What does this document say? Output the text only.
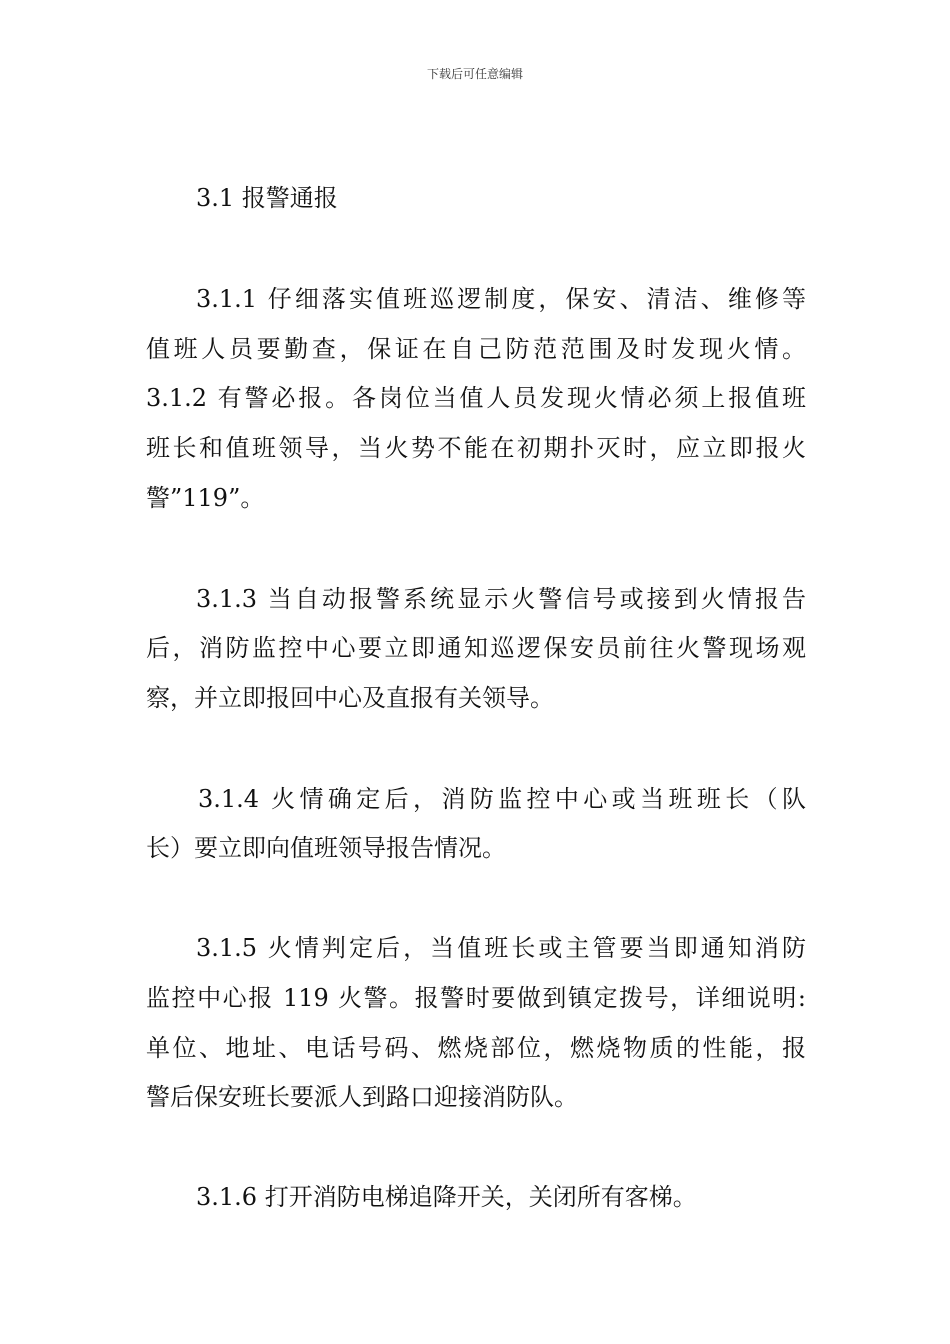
下载后可任意编辑
3.1 报警通报
3.1.1 仔细落实值班巡逻制度，保安、清洁、维修等
值班人员要勤查，保证在自己防范范围及时发现火情。
3.1.2 有警必报。各岗位当值人员发现火情必须上报值班
班长和值班领导，当火势不能在初期扑灭时，应立即报火
警”119”。
3.1.3 当自动报警系统显示火警信号或接到火情报告
后，消防监控中心要立即通知巡逻保安员前往火警现场观
察，并立即报回中心及直报有关领导。
3.1.4 火情确定后，消防监控中心或当班班长（队
长）要立即向值班领导报告情况。
3.1.5 火情判定后，当值班长或主管要当即通知消防
监控中心报 119 火警。报警时要做到镇定拨号，详细说明:
单位、地址、电话号码、燃烧部位，燃烧物质的性能，报
警后保安班长要派人到路口迎接消防队。
3.1.6 打开消防电梯追降开关，关闭所有客梯。
